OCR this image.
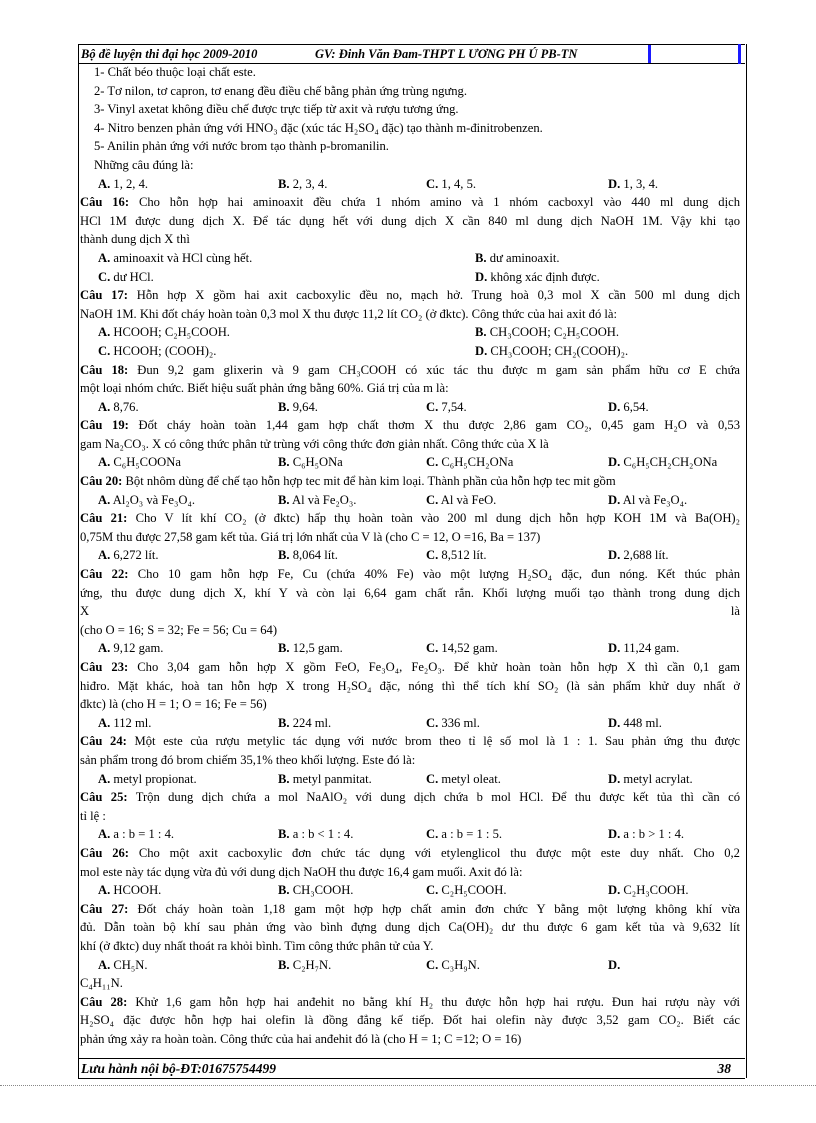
Bộ đề luyện thi đại học 2009-2010	GV: Đinh Văn Đam-THPT L ƯƠNG PH Ú PB-TN
1- Chất béo thuộc loại chất este.
2- Tơ nilon, tơ capron, tơ enang đều điều chế bằng phản ứng trùng ngưng.
3- Vinyl axetat không điều chế được trực tiếp từ axit và rượu tương ứng.
4- Nitro benzen phản ứng với HNO₃ đặc (xúc tác H₂SO₄ đặc) tạo thành m-đinitrobenzen.
5- Anilin phản ứng với nước brom tạo thành p-bromanilin.
Những câu đúng là:
A. 1, 2, 4.	B. 2, 3, 4.	C. 1, 4, 5.	D. 1, 3, 4.
Câu 16: Cho hỗn hợp hai aminoaxit đều chứa 1 nhóm amino và 1 nhóm cacboxyl vào 440 ml dung dịch
HCl 1M được dung dịch X. Để tác dụng hết với dung dịch X cần 840 ml dung dịch NaOH 1M. Vậy khi tạo
thành dung dịch X thì
A. aminoaxit và HCl cùng hết.	B. dư aminoaxit.
C. dư HCl.	D. không xác định được.
Câu 17: Hỗn hợp X gồm hai axit cacboxylic đều no, mạch hở. Trung hoà 0,3 mol X cần 500 ml dung dịch
NaOH 1M. Khi đốt cháy hoàn toàn 0,3 mol X thu được 11,2 lít CO₂ (ở đktc). Công thức của hai axit đó là:
A. HCOOH; C₂H₅COOH.	B. CH₃COOH; C₂H₅COOH.
C. HCOOH; (COOH)₂.	D. CH₃COOH; CH₂(COOH)₂.
Câu 18: Đun 9,2 gam glixerin và 9 gam CH₃COOH có xúc tác thu được m gam sản phẩm hữu cơ E chứa
một loại nhóm chức. Biết hiệu suất phản ứng bằng 60%. Giá trị của m là:
A. 8,76.	B. 9,64.	C. 7,54.	D. 6,54.
Câu 19: Đốt cháy hoàn toàn 1,44 gam hợp chất thơm X thu được 2,86 gam CO₂, 0,45 gam H₂O và 0,53
gam Na₂CO₃. X có công thức phân tử trùng với công thức đơn giản nhất. Công thức của X là
A. C₆H₅COONa	B. C₆H₅ONa	C. C₆H₅CH₂ONa	D. C₆H₅CH₂CH₂ONa
Câu 20: Bột nhôm dùng để chế tạo hỗn hợp tec mit để hàn kim loại. Thành phần của hỗn hợp tec mit gồm
A. Al₂O₃ và Fe₃O₄.	B. Al và Fe₂O₃.	C. Al và FeO.	D. Al và Fe₃O₄.
Câu 21: Cho V lít khí CO₂ (ở đktc) hấp thụ hoàn toàn vào 200 ml dung dịch hỗn hợp KOH 1M và Ba(OH)₂
0,75M thu được 27,58 gam kết tủa. Giá trị lớn nhất của V là (cho C = 12, O =16, Ba = 137)
A. 6,272 lít.	B. 8,064 lít.	C. 8,512 lít.	D. 2,688 lít.
Câu 22: Cho 10 gam hỗn hợp Fe, Cu (chứa 40% Fe) vào một lượng H₂SO₄ đặc, đun nóng. Kết thúc phản
ứng, thu được dung dịch X, khí Y và còn lại 6,64 gam chất rắn. Khối lượng muối tạo thành trong dung dịch
X là
(cho O = 16; S = 32; Fe = 56; Cu = 64)
A. 9,12 gam.	B. 12,5 gam.	C. 14,52 gam.	D. 11,24 gam.
Câu 23: Cho 3,04 gam hỗn hợp X gồm FeO, Fe₃O₄, Fe₂O₃. Để khử hoàn toàn hỗn hợp X thì cần 0,1 gam
hiđro. Mặt khác, hoà tan hỗn hợp X trong H₂SO₄ đặc, nóng thì thể tích khí SO₂ (là sản phẩm khử duy nhất ở
đktc) là (cho H = 1; O = 16; Fe = 56)
A. 112 ml.	B. 224 ml.	C. 336 ml.	D. 448 ml.
Câu 24: Một este của rượu metylic tác dụng với nước brom theo tỉ lệ số mol là 1 : 1. Sau phản ứng thu được
sản phẩm trong đó brom chiếm 35,1% theo khối lượng. Este đó là:
A. metyl propionat.	B. metyl panmitat.	C. metyl oleat.	D. metyl acrylat.
Câu 25: Trộn dung dịch chứa a mol NaAlO₂ với dung dịch chứa b mol HCl. Để thu được kết tủa thì cần có
tỉ lệ :
A. a : b = 1 : 4.	B. a : b < 1 : 4.	C. a : b = 1 : 5.	D. a : b > 1 : 4.
Câu 26: Cho một axit cacboxylic đơn chức tác dụng với etylenglicol thu được một este duy nhất. Cho 0,2
mol este này tác dụng vừa đủ với dung dịch NaOH thu được 16,4 gam muối. Axit đó là:
A. HCOOH.	B. CH₃COOH.	C. C₂H₅COOH.	D. C₂H₃COOH.
Câu 27: Đốt cháy hoàn toàn 1,18 gam một hợp hợp chất amin đơn chức Y bằng một lượng không khí vừa
đủ. Dẫn toàn bộ khí sau phản ứng vào bình đựng dung dịch Ca(OH)₂ dư thu được 6 gam kết tủa và 9,632 lít
khí (ở đktc) duy nhất thoát ra khỏi bình. Tìm công thức phân tử của Y.
A. CH₅N.	B. C₂H₇N.	C. C₃H₉N.	D.
C₄H₁₁N.
Câu 28: Khử 1,6 gam hỗn hợp hai anđehit no bằng khí H₂ thu được hỗn hợp hai rượu. Đun hai rượu này với
H₂SO₄ đặc được hỗn hợp hai olefin là đồng đẳng kế tiếp. Đốt hai olefin này được 3,52 gam CO₂. Biết các
phản ứng xảy ra hoàn toàn. Công thức của hai anđehit đó là (cho H = 1; C =12; O = 16)
Lưu hành nội bộ-ĐT:01675754499	38
